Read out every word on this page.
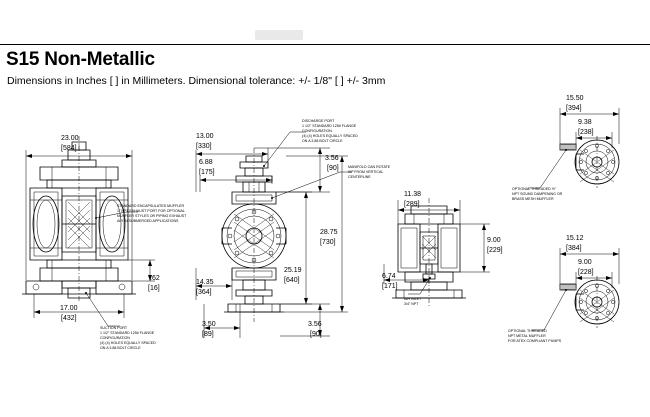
S15 Non-Metallic
Dimensions in Inches [ ] in Millimeters. Dimensional tolerance: +/- 1/8" [ ] +/- 3mm
23.00
[584]
17.00
[432]
.62
[16]
STANDARD ENCAPSULATED MUFFLER
1" NPT EXHAUST PORT FOR OPTIONAL
MUFFLER STYLES OR PIPING EXHAUST
AIR IN SUBMERGED APPLICATIONS
SUCTION PORT
1 1/2" STANDARD 125# FLANGE
CONFIGURATION
(4) (4) HOLES EQUALLY SPACED
ON A 3.88 BOLT CIRCLE
13.00
[330]
6.88
[175]
3.56
[90]
14.35
[364]
3.50
[89]
3.56
[90]
28.75
[730]
25.19
[640]
DISCHARGE PORT
1 1/2" STANDARD 125# FLANGE
CONFIGURATION
(4) (4) HOLES EQUALLY SPACED
ON A 3.88 BOLT CIRCLE
MANIFOLD CAN ROTATE
90º FROM VERTICAL
CENTERLINE
11.38
[289]
6.74
[171]
9.00
[229]
AIR INLET
3/4" NPT
15.50
[394]
9.38
[238]
OPTIONAL THREADED ½"
NPT SOUND DAMPENING OR
BRASS MESH MUFFLER
15.12
[384]
9.00
[228]
OPTIONAL THREADED
NPT METAL MUFFLER
FOR ATEX COMPLIANT PUMPS
